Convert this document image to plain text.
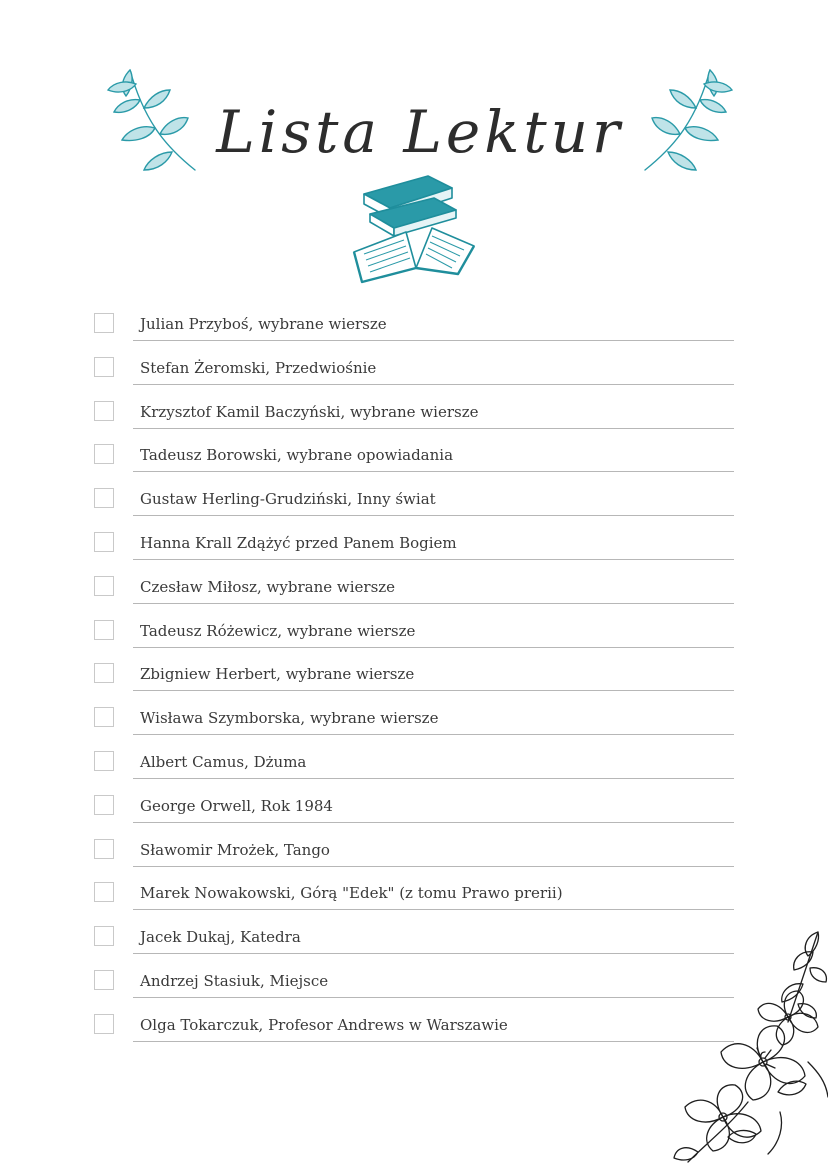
Lista Lektur
Julian Przyboś, wybrane wiersze
Stefan Żeromski, Przedwiośnie
Krzysztof Kamil Baczyński, wybrane wiersze
Tadeusz Borowski, wybrane opowiadania
Gustaw Herling-Grudziński, Inny świat
Hanna Krall Zdążyć przed Panem Bogiem
Czesław Miłosz, wybrane wiersze
Tadeusz Różewicz, wybrane wiersze
Zbigniew Herbert, wybrane wiersze
Wisława Szymborska, wybrane wiersze
Albert Camus, Dżuma
George Orwell, Rok 1984
Sławomir Mrożek, Tango
Marek Nowakowski, Górą "Edek" (z tomu Prawo prerii)
Jacek Dukaj, Katedra
Andrzej Stasiuk, Miejsce
Olga Tokarczuk, Profesor Andrews w Warszawie
